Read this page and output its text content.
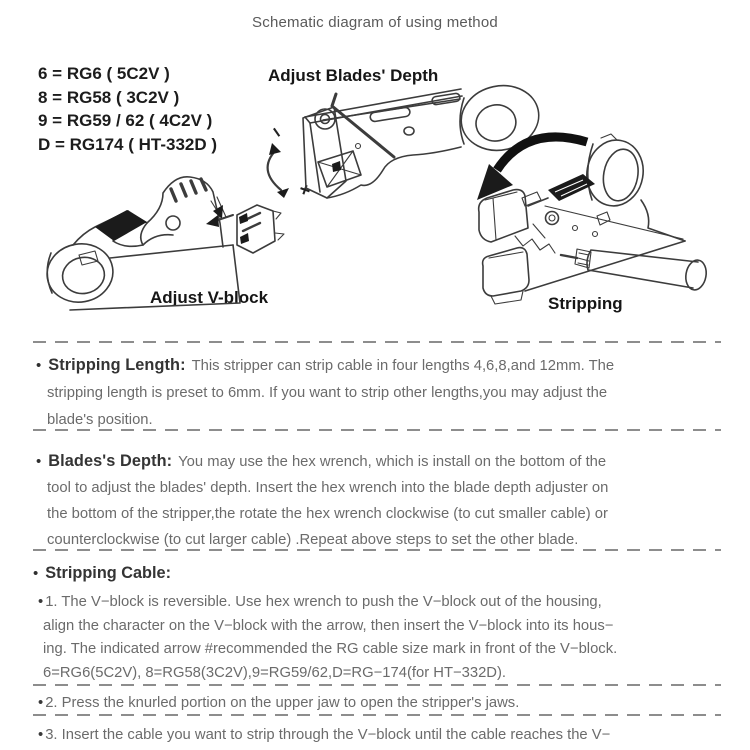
Schematic diagram of using method
6 = RG6 ( 5C2V )
8 = RG58 ( 3C2V )
9 = RG59 / 62 ( 4C2V )
D = RG174 ( HT-332D )
Adjust Blades' Depth
Adjust V-block	Stripping
−
+
• Stripping Length: This stripper can strip cable in four lengths 4,6,8,and 12mm. The
stripping length is preset to 6mm. If you want to strip other lengths,you may adjust the
blade's position.
• Blades's Depth: You may use the hex wrench, which is install on the bottom of the
tool to adjust the blades' depth. Insert the hex wrench into the blade depth adjuster on
the bottom of the stripper,the rotate the hex wrench clockwise (to cut smaller cable) or
counterclockwise (to cut larger cable) .Repeat above steps to set the other blade.
• Stripping Cable:
• 1. The V−block is reversible. Use hex wrench to push the V−block out of the housing,
align the character on the V−block with the arrow, then insert the V−block into its hous−
ing. The indicated arrow #recommended the RG cable size mark in front of the V−block.
6=RG6(5C2V), 8=RG58(3C2V),9=RG59/62,D=RG−174(for HT−332D).
• 2. Press the knurled portion on the upper jaw to open the stripper's jaws.
• 3. Insert the cable you want to strip through the V−block until the cable reaches the V−
